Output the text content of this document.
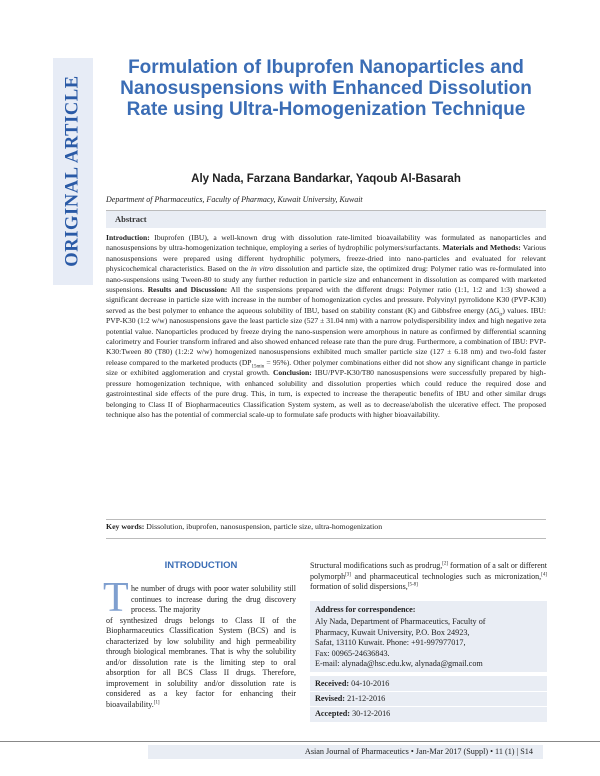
ORIGINAL ARTICLE
Formulation of Ibuprofen Nanoparticles and Nanosuspensions with Enhanced Dissolution Rate using Ultra-Homogenization Technique
Aly Nada, Farzana Bandarkar, Yaqoub Al-Basarah
Department of Pharmaceutics, Faculty of Pharmacy, Kuwait University, Kuwait
Abstract

Introduction: Ibuprofen (IBU), a well-known drug with dissolution rate-limited bioavailability was formulated as nanoparticles and nanosuspensions by ultra-homogenization technique, employing a series of hydrophilic polymers/surfactants. Materials and Methods: Various nanosuspensions were prepared using different hydrophilic polymers, freeze-dried into nano-particles and evaluated for relevant physicochemical characteristics. Based on the in vitro dissolution and particle size, the optimized drug: Polymer ratio was re-formulated into nano-suspensions using Tween-80 to study any further reduction in particle size and enhancement in dissolution as compared with marketed suspensions. Results and Discussion: All the suspensions prepared with the different drugs: Polymer ratio (1:1, 1:2 and 1:3) showed a significant decrease in particle size with increase in the number of homogenization cycles and pressure. Polyvinyl pyrrolidone K30 (PVP-K30) served as the best polymer to enhance the aqueous solubility of IBU, based on stability constant (K) and Gibbsfree energy $(\Delta G_{tr})$ values. IBU: PVP-K30 (1:2 w/w) nanosuspensions gave the least particle size (527 ± 31.04 nm) with a narrow polydispersibility index and high negative zeta potential value. Nanoparticles produced by freeze drying the nano-suspension were amorphous in nature as confirmed by differential scanning calorimetry and Fourier transform infrared and also showed enhanced release rate than the pure drug. Furthermore, a combination of IBU: PVP-K30:Tween 80 (T80) (1:2:2 w/w) homogenized nanosuspensions exhibited much smaller particle size (127 ± 6.18 nm) and two-fold faster release compared to the marketed products $(DP_{15min} = 95\%)$. Other polymer combinations either did not show any significant change in particle size or exhibited agglomeration and crystal growth. Conclusion: IBU/PVP-K30/T80 nanosuspensions were successfully prepared by high-pressure homogenization technique, with enhanced solubility and dissolution properties which could reduce the required dose and gastrointestinal side effects of the pure drug. This, in turn, is expected to increase the therapeutic benefits of IBU and other similar drugs belonging to Class II of Biopharmaceutics Classification System system, as well as to decrease/abolish the ulcerative effect. The proposed technique also has the potential of commercial scale-up to formulate safe products with higher bioavailability.

Key words: Dissolution, ibuprofen, nanosuspension, particle size, ultra-homogenization
INTRODUCTION
T he number of drugs with poor water solubility still continues to increase during the drug discovery process. The majority

of synthesized drugs belongs to Class II of the Biopharmaceutics Classification System (BCS) and is characterized by low solubility and high permeability through biological membranes. That is why the solubility and/or dissolution rate is the limiting step to oral absorption for all BCS Class II drugs. Therefore, improvement in solubility and/or dissolution rate is considered as a key factor for enhancing their bioavailability.[1]

Structural modifications such as prodrug,[2] formation of a salt or different polymorph[3] and pharmaceutical technologies such as micronization,[4] formation of solid dispersions,[5-8]

Address for correspondence:
Aly Nada, Department of Pharmaceutics, Faculty of
Pharmacy, Kuwait University, P.O. Box 24923,
Safat, 13110 Kuwait. Phone: +91-997977017,
Fax: 00965-24636843.
E-mail: alynada@hsc.edu.kw, alynada@gmail.com
Received: 04-10-2016
Revised: 21-12-2016
Accepted: 30-12-2016
Asian Journal of Pharmaceutics • Jan-Mar 2017 (Suppl) • 11 (1) | S14
